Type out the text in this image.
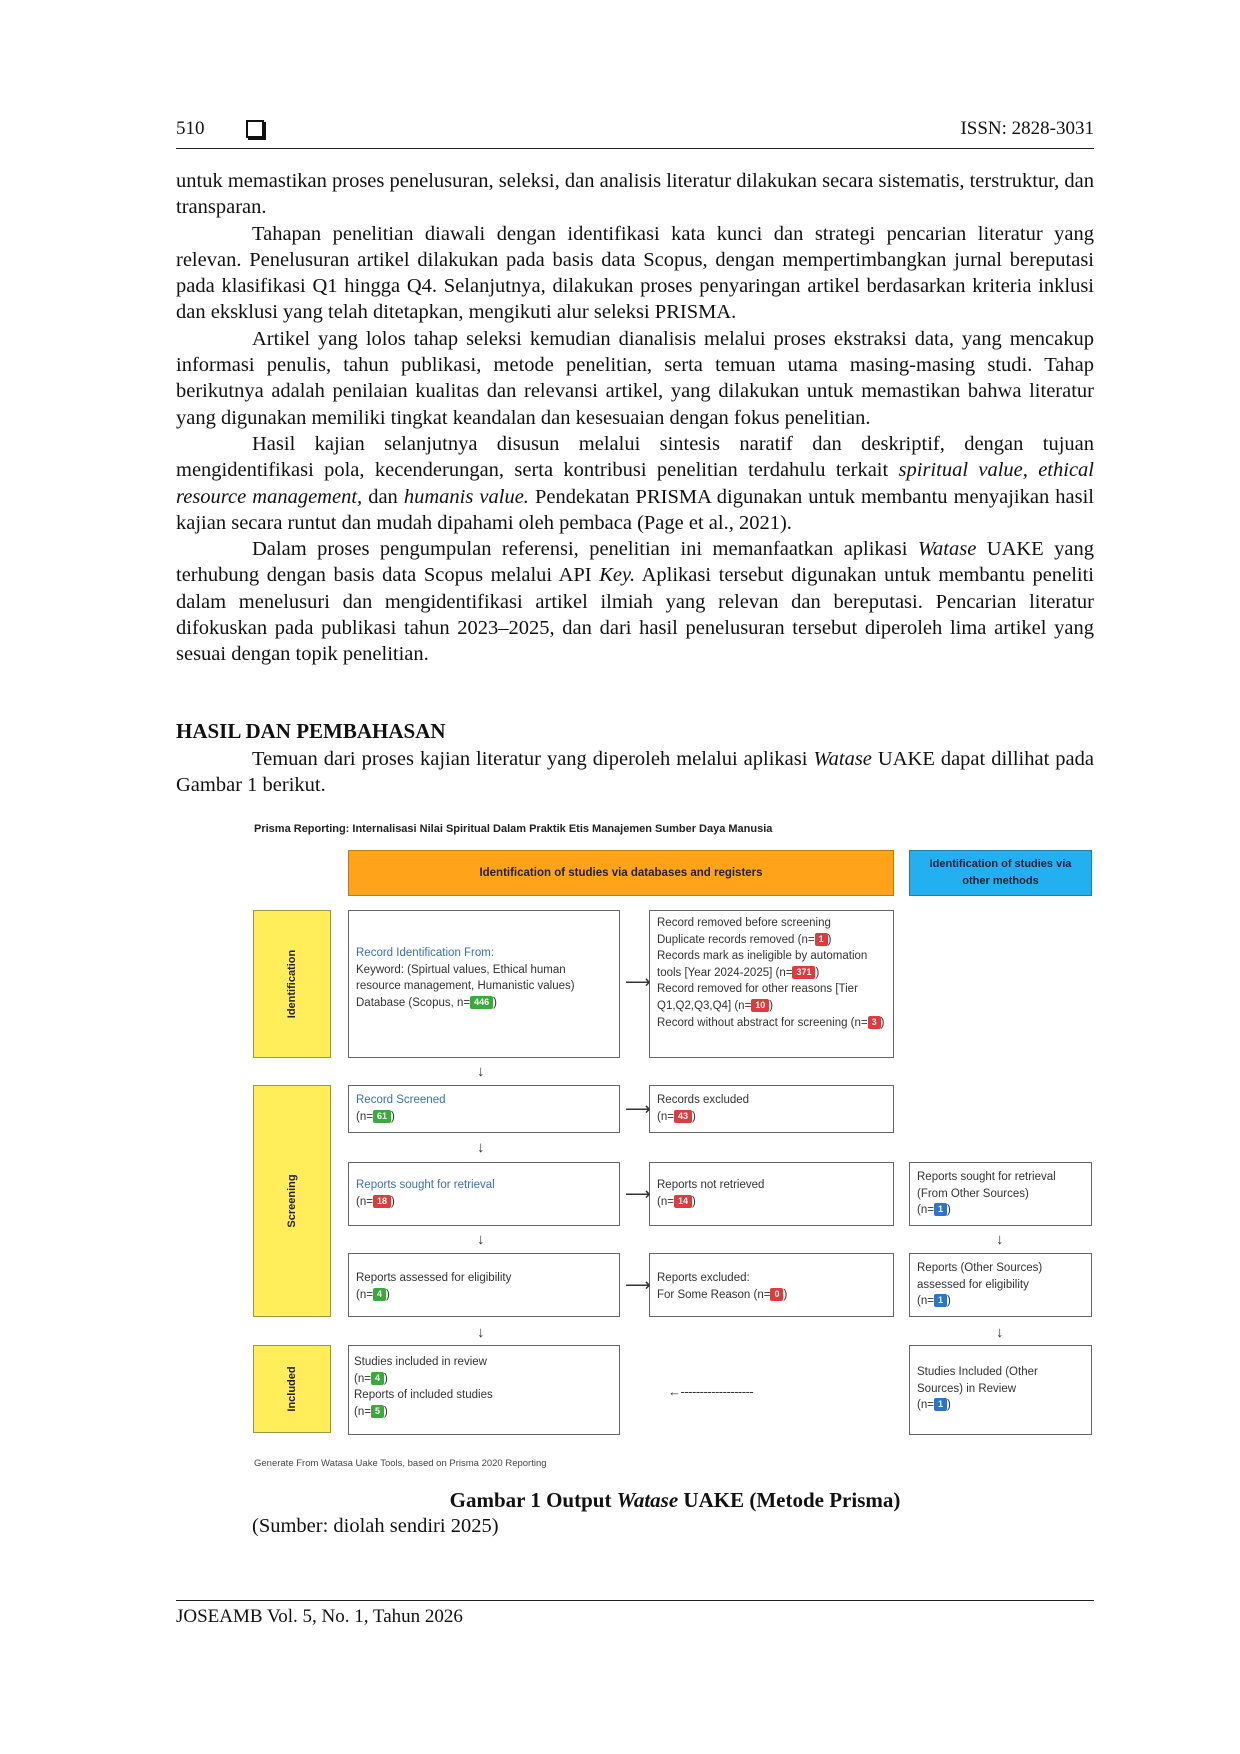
510	ISSN: 2828-3031

untuk memastikan proses penelusuran, seleksi, dan analisis literatur dilakukan secara sistematis, terstruktur, dan transparan.

Tahapan penelitian diawali dengan identifikasi kata kunci dan strategi pencarian literatur yang relevan. Penelusuran artikel dilakukan pada basis data Scopus, dengan mempertimbangkan jurnal bereputasi pada klasifikasi Q1 hingga Q4. Selanjutnya, dilakukan proses penyaringan artikel berdasarkan kriteria inklusi dan eksklusi yang telah ditetapkan, mengikuti alur seleksi PRISMA.

Artikel yang lolos tahap seleksi kemudian dianalisis melalui proses ekstraksi data, yang mencakup informasi penulis, tahun publikasi, metode penelitian, serta temuan utama masing-masing studi. Tahap berikutnya adalah penilaian kualitas dan relevansi artikel, yang dilakukan untuk memastikan bahwa literatur yang digunakan memiliki tingkat keandalan dan kesesuaian dengan fokus penelitian.

Hasil kajian selanjutnya disusun melalui sintesis naratif dan deskriptif, dengan tujuan mengidentifikasi pola, kecenderungan, serta kontribusi penelitian terdahulu terkait spiritual value, ethical resource management, dan humanis value. Pendekatan PRISMA digunakan untuk membantu menyajikan hasil kajian secara runtut dan mudah dipahami oleh pembaca (Page et al., 2021).

Dalam proses pengumpulan referensi, penelitian ini memanfaatkan aplikasi Watase UAKE yang terhubung dengan basis data Scopus melalui API Key. Aplikasi tersebut digunakan untuk membantu peneliti dalam menelusuri dan mengidentifikasi artikel ilmiah yang relevan dan bereputasi. Pencarian literatur difokuskan pada publikasi tahun 2023–2025, dan dari hasil penelusuran tersebut diperoleh lima artikel yang sesuai dengan topik penelitian.

HASIL DAN PEMBAHASAN

Temuan dari proses kajian literatur yang diperoleh melalui aplikasi Watase UAKE dapat dillihat pada Gambar 1 berikut.

Prisma Reporting: Internalisasi Nilai Spiritual Dalam Praktik Etis Manajemen Sumber Daya Manusia
Identification of studies via databases and registers
Identification of studies via other methods
Identification
Screening
Included
Record Identification From:
Keyword: (Spirtual values, Ethical human resource management, Humanistic values)
Database (Scopus, n= 446 )
Record removed before screening
Duplicate records removed (n= 1 )
Records mark as ineligible by automation tools [Year 2024-2025] (n= 371 )
Record removed for other reasons [Tier Q1,Q2,Q3,Q4] (n= 10 )
Record without abstract for screening (n= 3 )
Record Screened
(n= 61 )
Records excluded
(n= 43 )
Reports sought for retrieval
(n= 18 )
Reports not retrieved
(n= 14 )
Reports sought for retrieval (From Other Sources)
(n= 1 )
Reports assessed for eligibility
(n= 4 )
Reports excluded:
For Some Reason (n= 0 )
Reports (Other Sources) assessed for eligibility
(n= 1 )
Studies included in review
(n= 4 )
Reports of included studies
(n= 5 )
Studies Included (Other Sources) in Review
(n= 1 )
↓
↓
↓
↓
↓
↓
⟶
⟶
⟶
⟶
←-------------------
Generate From Watasa Uake Tools, based on Prisma 2020 Reporting
Gambar 1 Output Watase UAKE (Metode Prisma)
(Sumber: diolah sendiri 2025)
JOSEAMB Vol. 5, No. 1, Tahun 2026
